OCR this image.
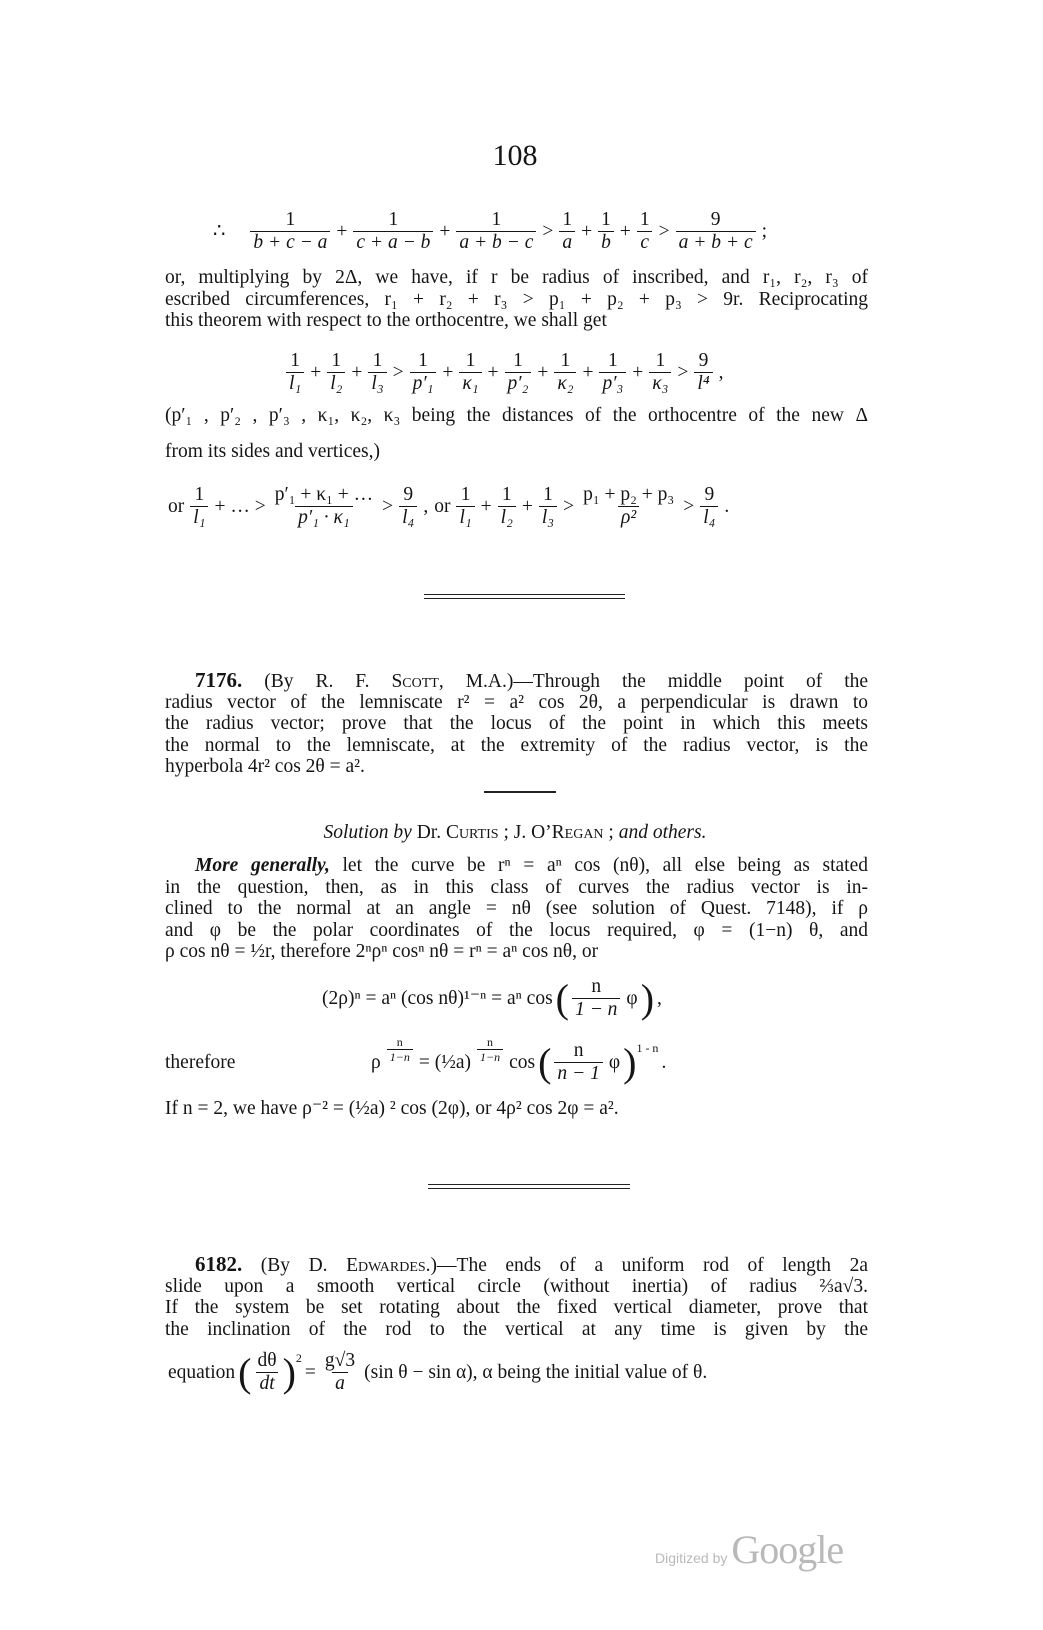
108
∴ $\frac{1}{b + c - a} + \frac{1}{c + a - b} + \frac{1}{a + b - c} > \frac{1}{a} + \frac{1}{b} + \frac{1}{c} > \frac{9}{a + b + c}$ ;
or, multiplying by 2Δ, we have, if r be radius of inscribed, and r₁, r₂, r₃ of
escribed circumferences, r₁ + r₂ + r₃ > p₁ + p₂ + p₃ > 9r. Reciprocating
this theorem with respect to the orthocentre, we shall get
$\frac{1}{\text{l₁}} + \frac{1}{\text{l₂}} + \frac{1}{\text{l₃}} > \frac{1}{\text{p′₁}} + \frac{1}{\text{κ₁}} + \frac{1}{\text{p′₂}} + \frac{1}{\text{κ₂}} + \frac{1}{\text{p′₃}} + \frac{1}{\text{κ₃}} > \frac{9}{\text{l⁴}}$ ,
(p′₁ , p′₂ , p′₃ , κ₁, κ₂, κ₃ being the distances of the orthocentre of the new Δ
from its sides and vertices,)
or $\frac{1}{\text{l₁}}$ + … > $\frac{\text{p′₁ + κ₁ + …}}{\text{p′₁ · κ₁}} > \frac{9}{\text{l₄}}$ , or $\frac{1}{\text{l₁}} + \frac{1}{\text{l₂}} + \frac{1}{\text{l₃}} > \frac{\text{p₁ + p₂ + p₃}}{\text{ρ²}} > \frac{9}{\text{l₄}}$ .
7176. (By R. F. Scott, M.A.)—Through the middle point of the
radius vector of the lemniscate r² = a² cos 2θ, a perpendicular is drawn to
the radius vector; prove that the locus of the point in which this meets
the normal to the lemniscate, at the extremity of the radius vector, is the
hyperbola 4r² cos 2θ = a².
Solution by Dr. Curtis ; J. O’Regan ; and others.
More generally, let the curve be rⁿ = aⁿ cos (nθ), all else being as stated
in the question, then, as in this class of curves the radius vector is in-
clined to the normal at an angle = nθ (see solution of Quest. 7148), if ρ
and φ be the polar coordinates of the locus required, φ = (1−n) θ, and
ρ cos nθ = ½r, therefore 2ⁿρⁿ cosⁿ nθ = rⁿ = aⁿ cos nθ, or
(2ρ)ⁿ = aⁿ (cos nθ)¹⁻ⁿ = aⁿ cos ( $\frac{n}{1 - n}$ φ ) ,
therefore	ρ $\frac{n}{1-n}$ = (½a) $\frac{n}{1-n}$ cos ( $\frac{n}{n - 1}$ φ ) 1 - n
.
If n = 2, we have ρ⁻² = (½a) ² cos (2φ), or 4ρ² cos 2φ = a².
6182. (By D. Edwardes.)—The ends of a uniform rod of length 2a
slide upon a smooth vertical circle (without inertia) of radius ⅔a√3.
If the system be set rotating about the fixed vertical diameter, prove that
the inclination of the rod to the vertical at any time is given by the
equation ( $\frac{d\theta}{dt}$ ) 2
= $\frac{g√3}{a} (\sin$ θ − sin α), α being the initial value of θ.
Digitized by Google
